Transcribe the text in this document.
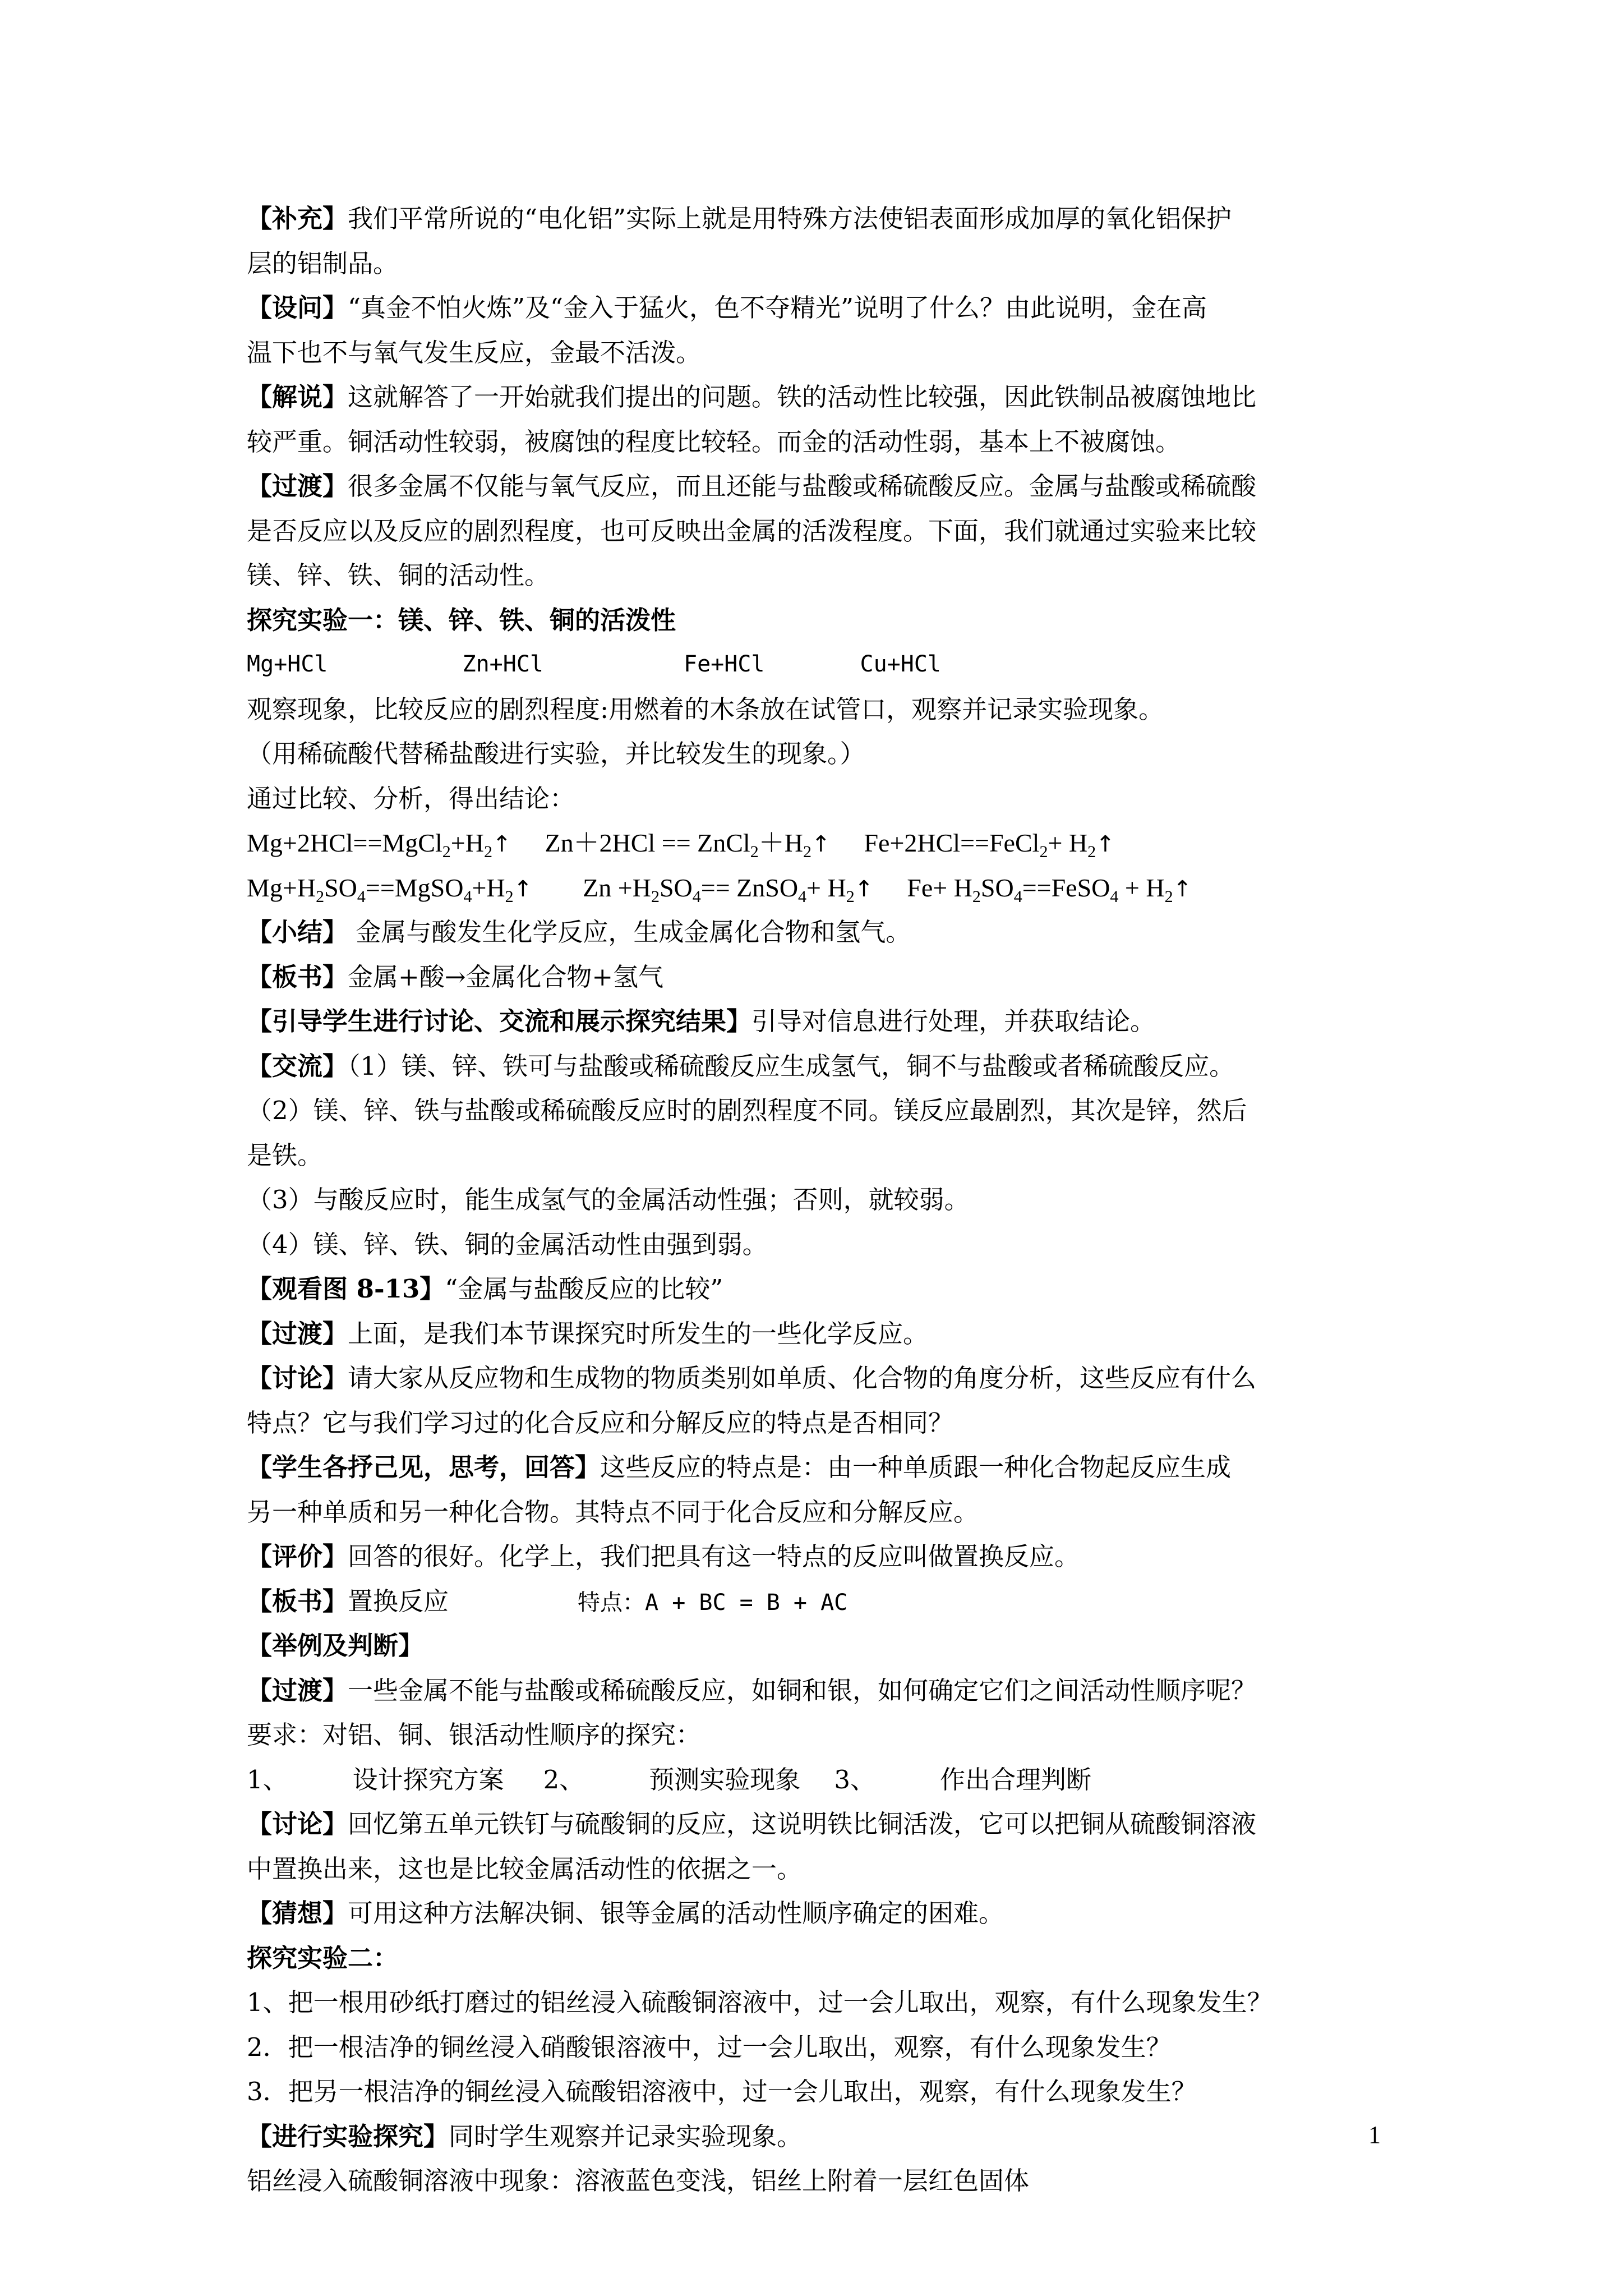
【补充】我们平常所说的“电化铝”实际上就是用特殊方法使铝表面形成加厚的氧化铝保护
层的铝制品。
【设问】“真金不怕火炼”及“金入于猛火，色不夺精光”说明了什么？由此说明，金在高
温下也不与氧气发生反应，金最不活泼。
【解说】这就解答了一开始就我们提出的问题。铁的活动性比较强，因此铁制品被腐蚀地比
较严重。铜活动性较弱，被腐蚀的程度比较轻。而金的活动性弱，基本上不被腐蚀。
【过渡】很多金属不仅能与氧气反应，而且还能与盐酸或稀硫酸反应。金属与盐酸或稀硫酸
是否反应以及反应的剧烈程度，也可反映出金属的活泼程度。下面，我们就通过实验来比较
镁、锌、铁、铜的活动性。
探究实验一：镁、锌、铁、铜的活泼性
Mg+HCl	Zn+HCl	Fe+HCl	Cu+HCl
观察现象，比较反应的剧烈程度:用燃着的木条放在试管口，观察并记录实验现象。
（用稀硫酸代替稀盐酸进行实验，并比较发生的现象。）
通过比较、分析，得出结论：
$Mg+2HCl==MgCl_2+H_2↑$ $Zn+2HCl == ZnCl_2+H_2↑$ Fe+2HCl==FeCl$_2$+ $H_2↑$
$Mg+H_2SO_4==MgSO_4+H_2↑$ $Zn +H_2SO_4==$ ZnSO$_4$+ $H_2↑$ $Fe+ H_2SO_4==FeSO_4$ + $H_2↑$
【小结】 金属与酸发生化学反应，生成金属化合物和氢气。
【板书】金属+酸→金属化合物+氢气
【引导学生进行讨论、交流和展示探究结果】引导对信息进行处理，并获取结论。
【交流】（1）镁、锌、铁可与盐酸或稀硫酸反应生成氢气，铜不与盐酸或者稀硫酸反应。
（2）镁、锌、铁与盐酸或稀硫酸反应时的剧烈程度不同。镁反应最剧烈，其次是锌，然后
是铁。
（3）与酸反应时，能生成氢气的金属活动性强；否则，就较弱。
（4）镁、锌、铁、铜的金属活动性由强到弱。
【观看图 8-13】“金属与盐酸反应的比较”
【过渡】上面，是我们本节课探究时所发生的一些化学反应。
【讨论】请大家从反应物和生成物的物质类别如单质、化合物的角度分析，这些反应有什么
特点？它与我们学习过的化合反应和分解反应的特点是否相同？
【学生各抒己见，思考，回答】这些反应的特点是：由一种单质跟一种化合物起反应生成
另一种单质和另一种化合物。其特点不同于化合反应和分解反应。
【评价】回答的很好。化学上，我们把具有这一特点的反应叫做置换反应。
【板书】置换反应	特点：A + BC = B + AC
【举例及判断】
【过渡】一些金属不能与盐酸或稀硫酸反应，如铜和银，如何确定它们之间活动性顺序呢？
要求：对铝、铜、银活动性顺序的探究：
1、	设计探究方案 2、	预测实验现象 3、	作出合理判断
【讨论】回忆第五单元铁钉与硫酸铜的反应，这说明铁比铜活泼，它可以把铜从硫酸铜溶液
中置换出来，这也是比较金属活动性的依据之一。
【猜想】可用这种方法解决铜、银等金属的活动性顺序确定的困难。
探究实验二：
1、把一根用砂纸打磨过的铝丝浸入硫酸铜溶液中，过一会儿取出，观察，有什么现象发生？
2．把一根洁净的铜丝浸入硝酸银溶液中，过一会儿取出，观察，有什么现象发生？
3．把另一根洁净的铜丝浸入硫酸铝溶液中，过一会儿取出，观察，有什么现象发生？
【进行实验探究】同时学生观察并记录实验现象。
铝丝浸入硫酸铜溶液中现象：溶液蓝色变浅，铝丝上附着一层红色固体
1
